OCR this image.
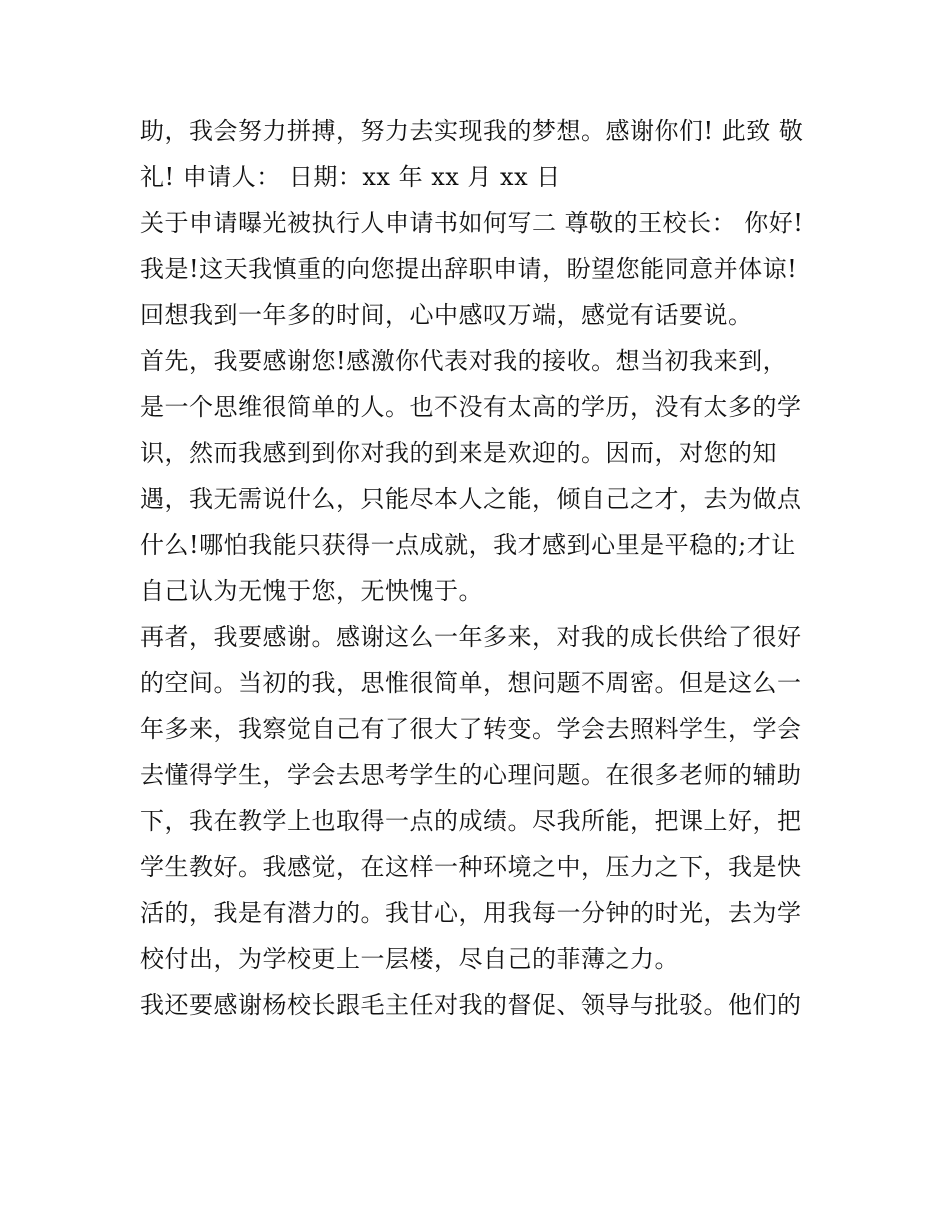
助，我会努力拼搏，努力去实现我的梦想。感谢你们! 此致 敬
礼! 申请人： 日期：xx 年 xx 月 xx 日
关于申请曝光被执行人申请书如何写二 尊敬的王校长： 你好!
我是!这天我慎重的向您提出辞职申请，盼望您能同意并体谅!
回想我到一年多的时间，心中感叹万端，感觉有话要说。
首先，我要感谢您!感激你代表对我的接收。想当初我来到，
是一个思维很简单的人。也不没有太高的学历，没有太多的学
识，然而我感到到你对我的到来是欢迎的。因而，对您的知
遇，我无需说什么，只能尽本人之能，倾自己之才，去为做点
什么!哪怕我能只获得一点成就，我才感到心里是平稳的;才让
自己认为无愧于您，无怏愧于。
再者，我要感谢。感谢这么一年多来，对我的成长供给了很好
的空间。当初的我，思惟很简单，想问题不周密。但是这么一
年多来，我察觉自己有了很大了转变。学会去照料学生，学会
去懂得学生，学会去思考学生的心理问题。在很多老师的辅助
下，我在教学上也取得一点的成绩。尽我所能，把课上好，把
学生教好。我感觉，在这样一种环境之中，压力之下，我是快
活的，我是有潜力的。我甘心，用我每一分钟的时光，去为学
校付出，为学校更上一层楼，尽自己的菲薄之力。
我还要感谢杨校长跟毛主任对我的督促、领导与批驳。他们的
